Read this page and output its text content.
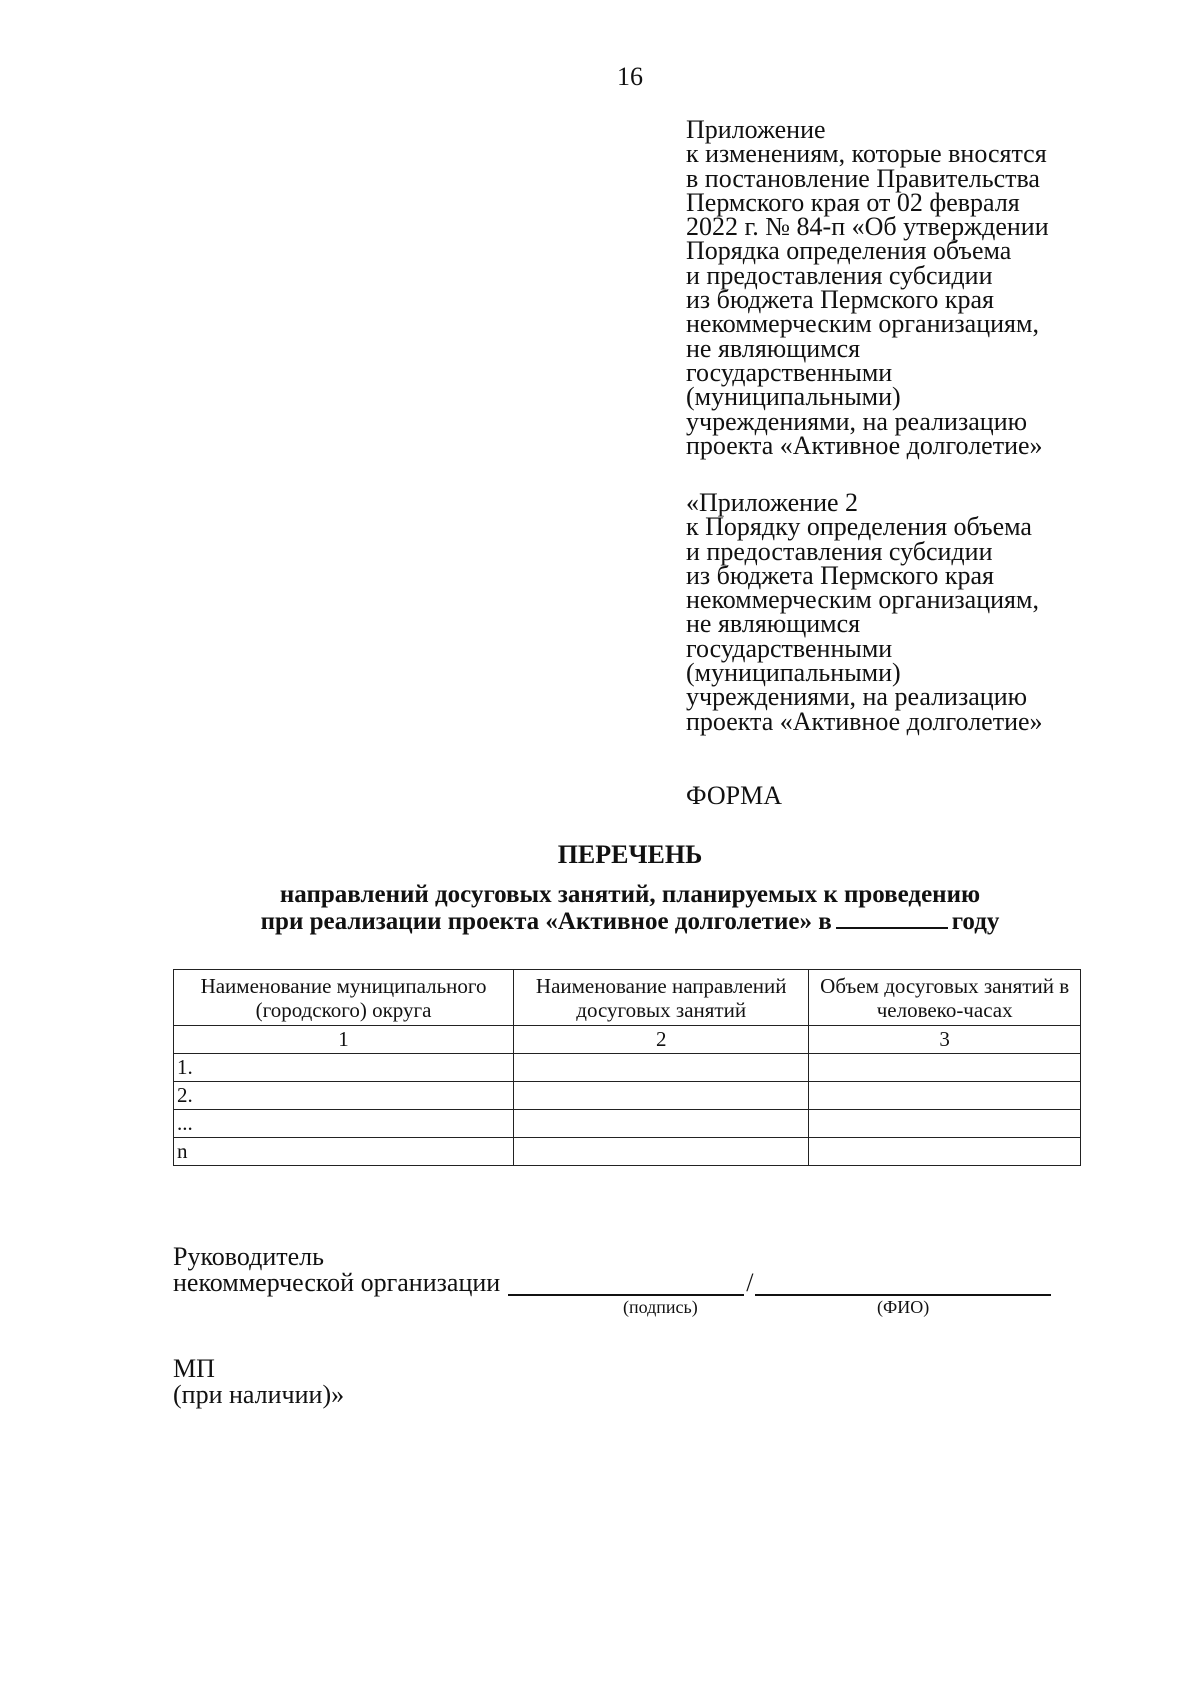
16
Приложение
к изменениям, которые вносятся
в постановление Правительства
Пермского края от 02 февраля
2022 г. № 84-п «Об утверждении
Порядка определения объема
и предоставления субсидии
из бюджета Пермского края
некоммерческим организациям,
не являющимся
государственными
(муниципальными)
учреждениями, на реализацию
проекта «Активное долголетие»
«Приложение 2
к Порядку определения объема
и предоставления субсидии
из бюджета Пермского края
некоммерческим организациям,
не являющимся
государственными
(муниципальными)
учреждениями, на реализацию
проекта «Активное долголетие»
ФОРМА
ПЕРЕЧЕНЬ
направлений досуговых занятий, планируемых к проведению
при реализации проекта «Активное долголетие» в	году
Наименование муниципального (городского) округа	Наименование направлений досуговых занятий	Объем досуговых занятий в человеко-часах
1	2	3
1.		
2.		
...		
n		
Руководитель
некоммерческой организации	/
(подпись)	(ФИО)
МП
(при наличии)»
